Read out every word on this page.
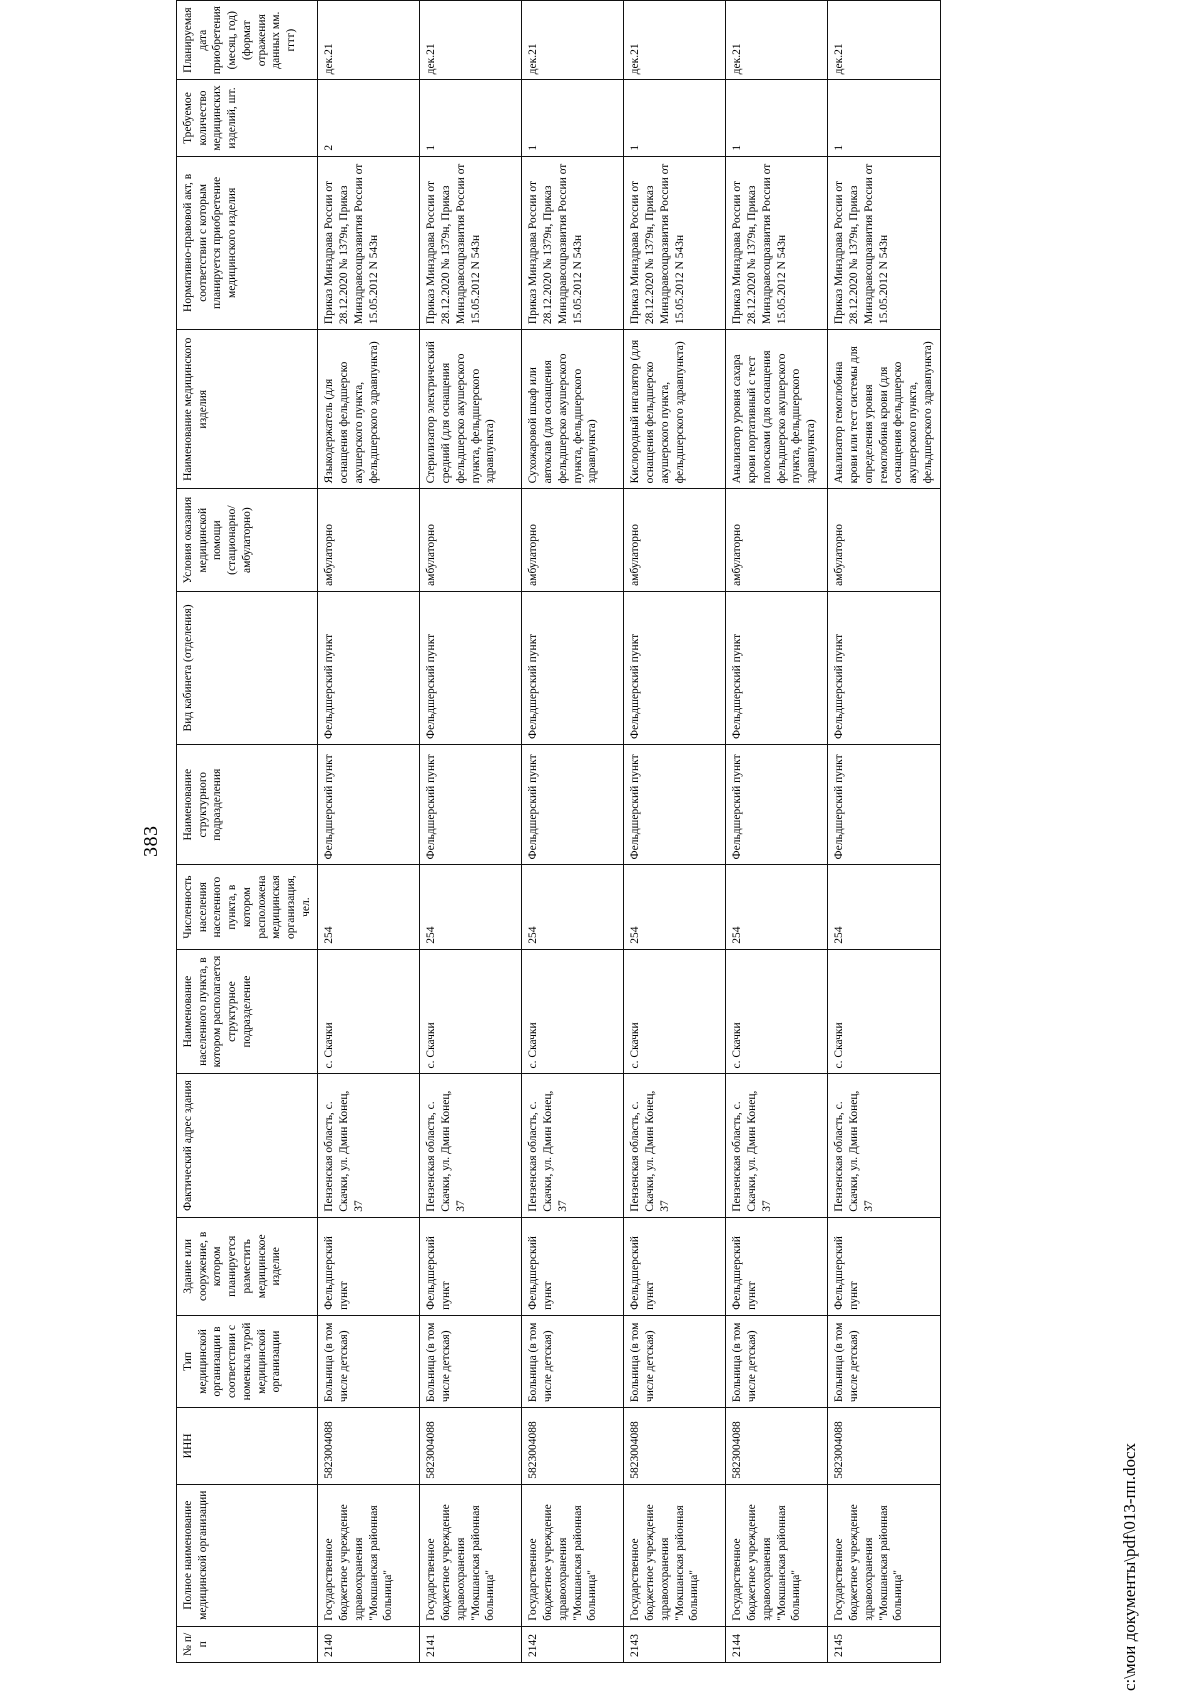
383
№ п/п	Полное наименование медицинской организации	ИНН	Тип медицинской организации в соответствии с номенкла турой медицинской организации	Здание или сооружение, в котором планируется разместить медицинское изделие	Фактический адрес здания	Наименование населенного пункта, в котором располагается структурное подразделение	Численность населения населенного пункта, в котором расположена медицинская организация, чел.	Наименование структурного подразделения	Вид кабинета (отделения)	Условия оказания медицинской помощи (стационарно/ амбулаторно)	Наименование медицинского изделия	Нормативно-правовой акт, в соответствии с которым планируется приобретение медицинского изделия	Требуемое количество медицинских изделий, шт.	Планируемая дата приобретения (месяц, год) (формат отражения данных мм. гггг)
2140	Государственное бюджетное учреждение здравоохранения "Мокшанская районная больница"	5823004088	Больница (в том числе детская)	Фельдшерский пункт	Пензенская область, с. Скачки, ул. Дмин Конец, 37	с. Скачки	254	Фельдшерский пункт	Фельдшерский пункт	амбулаторно	Языкодержатель (для оснащения фельдшерско акушерского пункта, фельдшерского здравпункта)	Приказ Минздрава России от 28.12.2020 № 1379н, Приказ Минздравсоцразвития России от 15.05.2012 N 543н	2	дек.21
2141	Государственное бюджетное учреждение здравоохранения "Мокшанская районная больница"	5823004088	Больница (в том числе детская)	Фельдшерский пункт	Пензенская область, с. Скачки, ул. Дмин Конец, 37	с. Скачки	254	Фельдшерский пункт	Фельдшерский пункт	амбулаторно	Стерилизатор электрический средний (для оснащения фельдшерско акушерского пункта, фельдшерского здравпункта)	Приказ Минздрава России от 28.12.2020 № 1379н, Приказ Минздравсоцразвития России от 15.05.2012 N 543н	1	дек.21
2142	Государственное бюджетное учреждение здравоохранения "Мокшанская районная больница"	5823004088	Больница (в том числе детская)	Фельдшерский пункт	Пензенская область, с. Скачки, ул. Дмин Конец, 37	с. Скачки	254	Фельдшерский пункт	Фельдшерский пункт	амбулаторно	Сухожаровой шкаф или автоклав (для оснащения фельдшерско акушерского пункта, фельдшерского здравпункта)	Приказ Минздрава России от 28.12.2020 № 1379н, Приказ Минздравсоцразвития России от 15.05.2012 N 543н	1	дек.21
2143	Государственное бюджетное учреждение здравоохранения "Мокшанская районная больница"	5823004088	Больница (в том числе детская)	Фельдшерский пункт	Пензенская область, с. Скачки, ул. Дмин Конец, 37	с. Скачки	254	Фельдшерский пункт	Фельдшерский пункт	амбулаторно	Кислородный ингалятор (для оснащения фельдшерско акушерского пункта, фельдшерского здравпункта)	Приказ Минздрава России от 28.12.2020 № 1379н, Приказ Минздравсоцразвития России от 15.05.2012 N 543н	1	дек.21
2144	Государственное бюджетное учреждение здравоохранения "Мокшанская районная больница"	5823004088	Больница (в том числе детская)	Фельдшерский пункт	Пензенская область, с. Скачки, ул. Дмин Конец, 37	с. Скачки	254	Фельдшерский пункт	Фельдшерский пункт	амбулаторно	Анализатор уровня сахара крови портативный с тест полосками (для оснащения фельдшерско акушерского пункта, фельдшерского здравпункта)	Приказ Минздрава России от 28.12.2020 № 1379н, Приказ Минздравсоцразвития России от 15.05.2012 N 543н	1	дек.21
2145	Государственное бюджетное учреждение здравоохранения "Мокшанская районная больница"	5823004088	Больница (в том числе детская)	Фельдшерский пункт	Пензенская область, с. Скачки, ул. Дмин Конец, 37	с. Скачки	254	Фельдшерский пункт	Фельдшерский пункт	амбулаторно	Анализатор гемоглобина крови или тест системы для определения уровня гемоглобина крови (для оснащения фельдшерско акушерского пункта, фельдшерского здравпункта)	Приказ Минздрава России от 28.12.2020 № 1379н, Приказ Минздравсоцразвития России от 15.05.2012 N 543н	1	дек.21
c:\мои документы\pdf\013-пп.docx
